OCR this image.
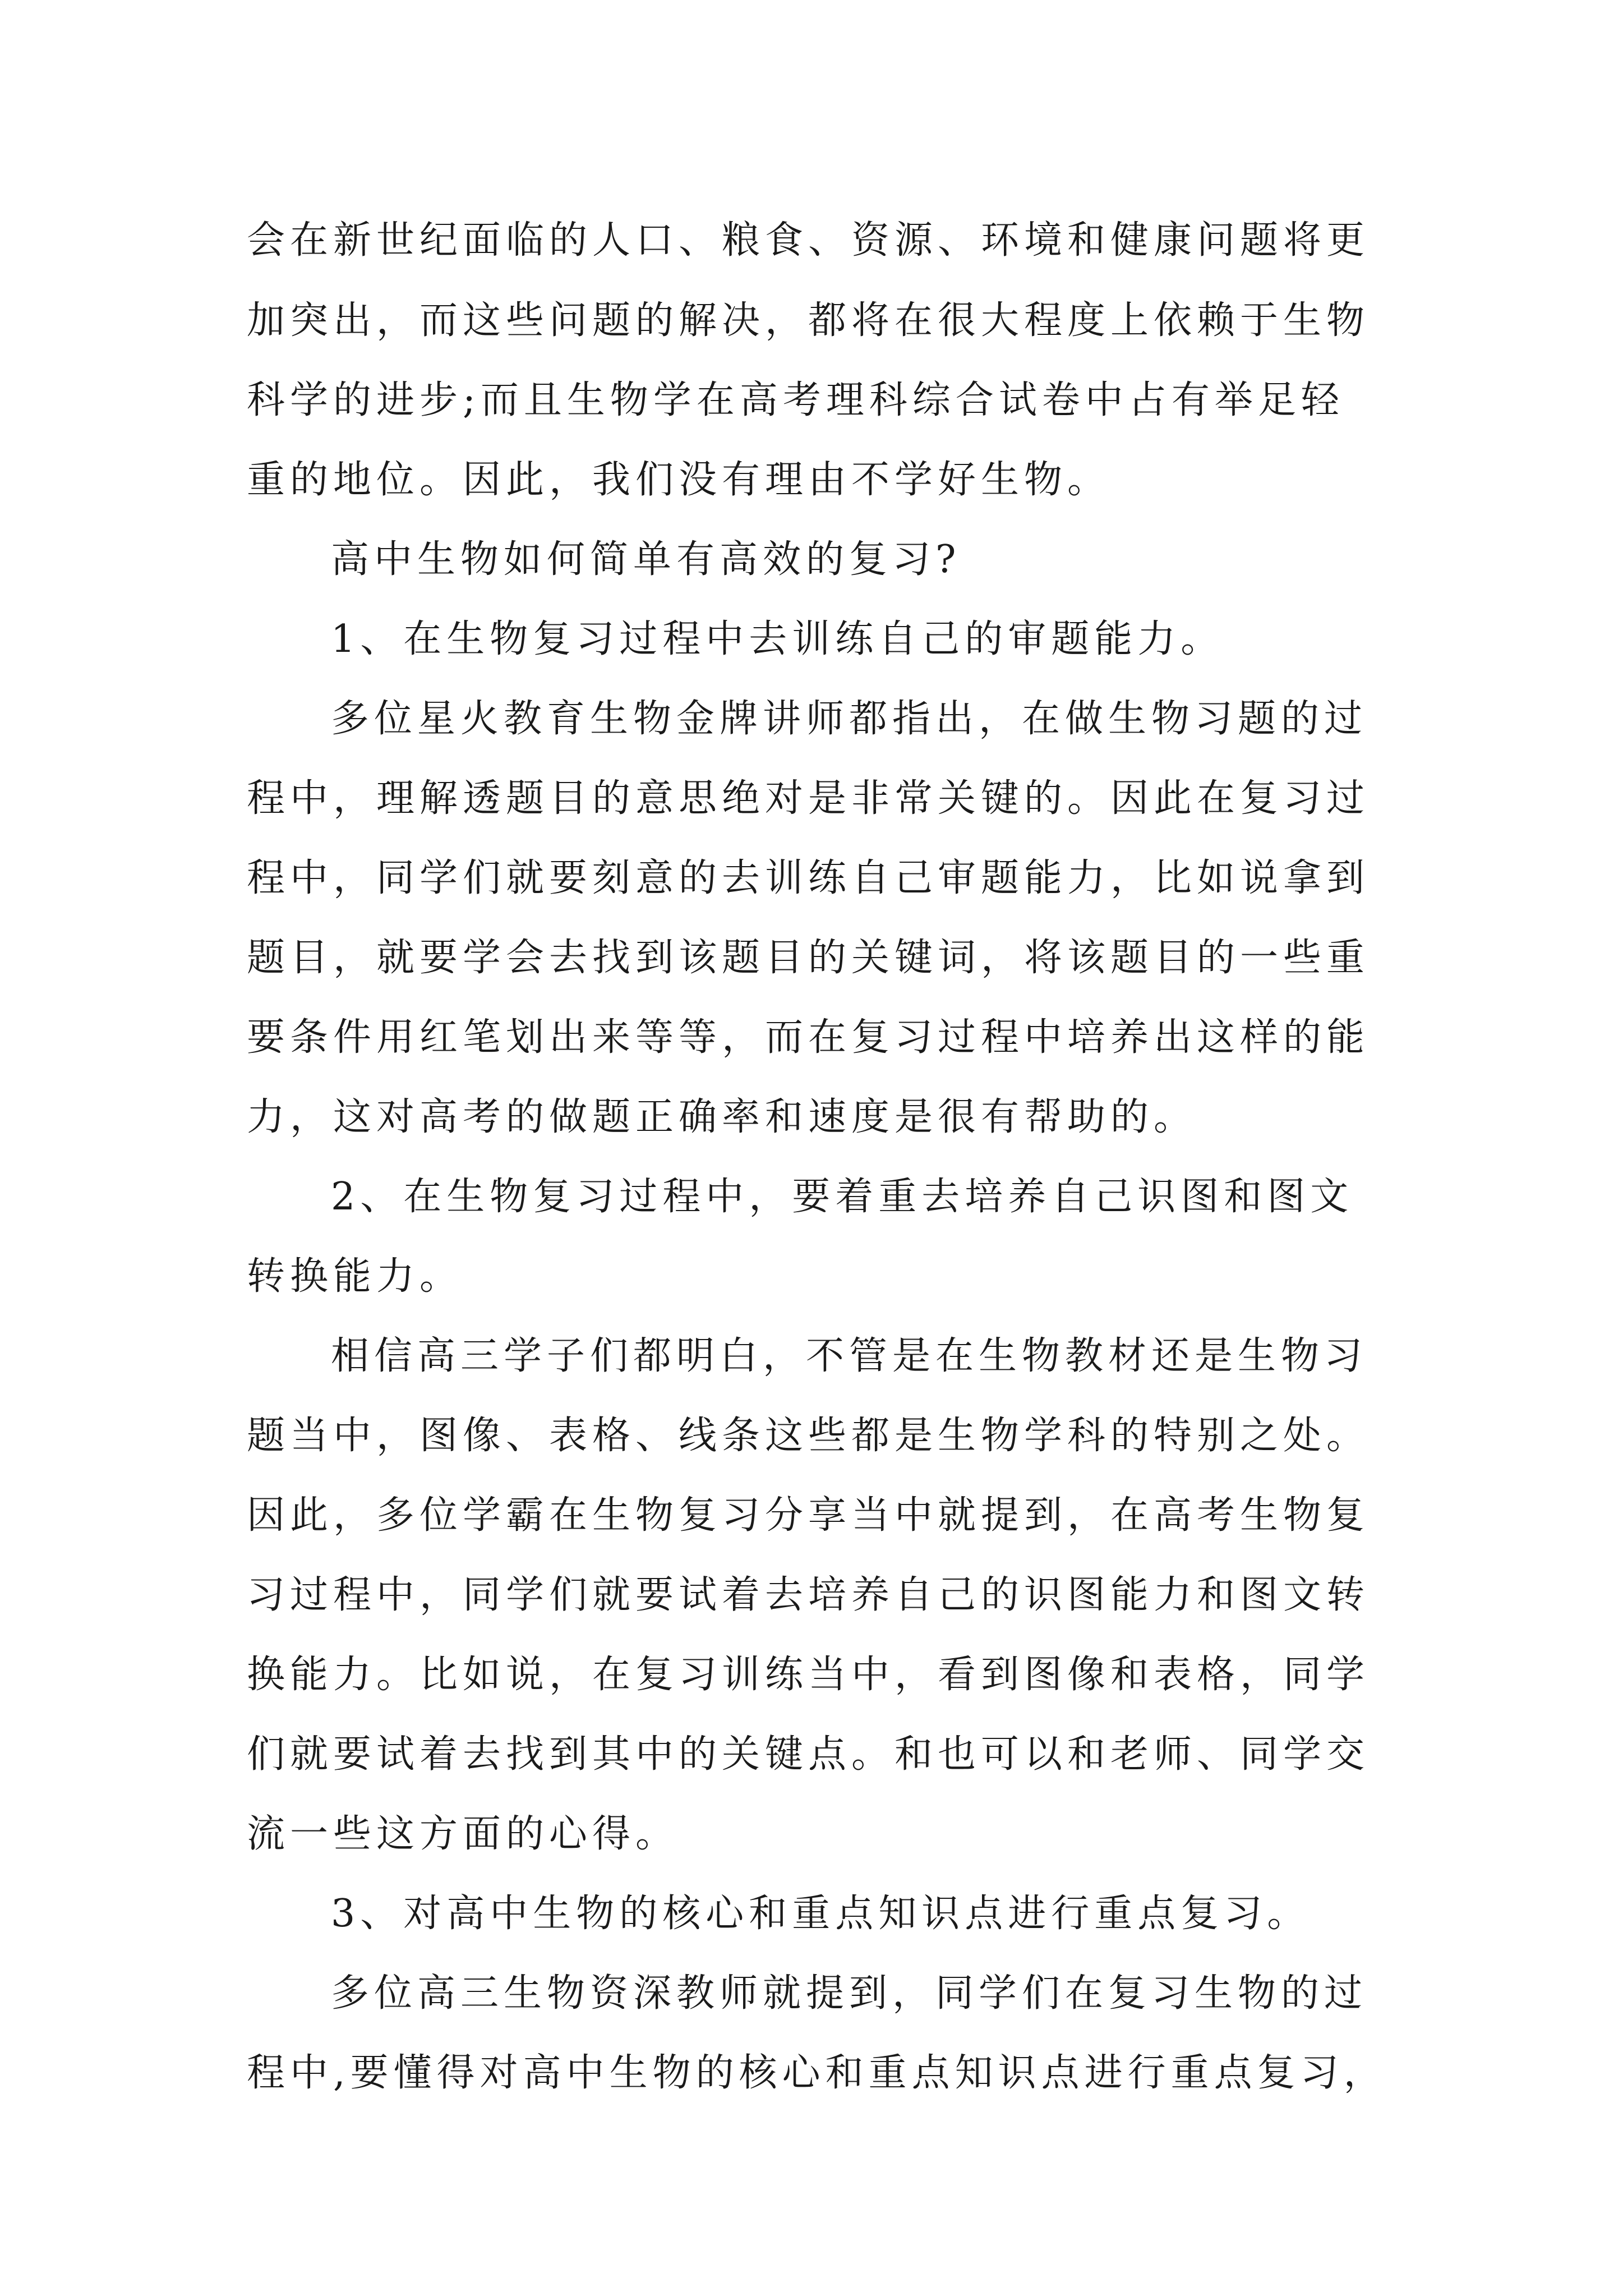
会在新世纪面临的人口、粮食、资源、环境和健康问题将更
加突出，而这些问题的解决，都将在很大程度上依赖于生物
科学的进步;而且生物学在高考理科综合试卷中占有举足轻
重的地位。因此，我们没有理由不学好生物。
高中生物如何简单有高效的复习?
1、在生物复习过程中去训练自己的审题能力。
多位星火教育生物金牌讲师都指出，在做生物习题的过
程中，理解透题目的意思绝对是非常关键的。因此在复习过
程中，同学们就要刻意的去训练自己审题能力，比如说拿到
题目，就要学会去找到该题目的关键词，将该题目的一些重
要条件用红笔划出来等等，而在复习过程中培养出这样的能
力，这对高考的做题正确率和速度是很有帮助的。
2、在生物复习过程中，要着重去培养自己识图和图文
转换能力。
相信高三学子们都明白，不管是在生物教材还是生物习
题当中，图像、表格、线条这些都是生物学科的特别之处。
因此，多位学霸在生物复习分享当中就提到，在高考生物复
习过程中，同学们就要试着去培养自己的识图能力和图文转
换能力。比如说，在复习训练当中，看到图像和表格，同学
们就要试着去找到其中的关键点。和也可以和老师、同学交
流一些这方面的心得。
3、对高中生物的核心和重点知识点进行重点复习。
多位高三生物资深教师就提到，同学们在复习生物的过
程中,要懂得对高中生物的核心和重点知识点进行重点复习，
